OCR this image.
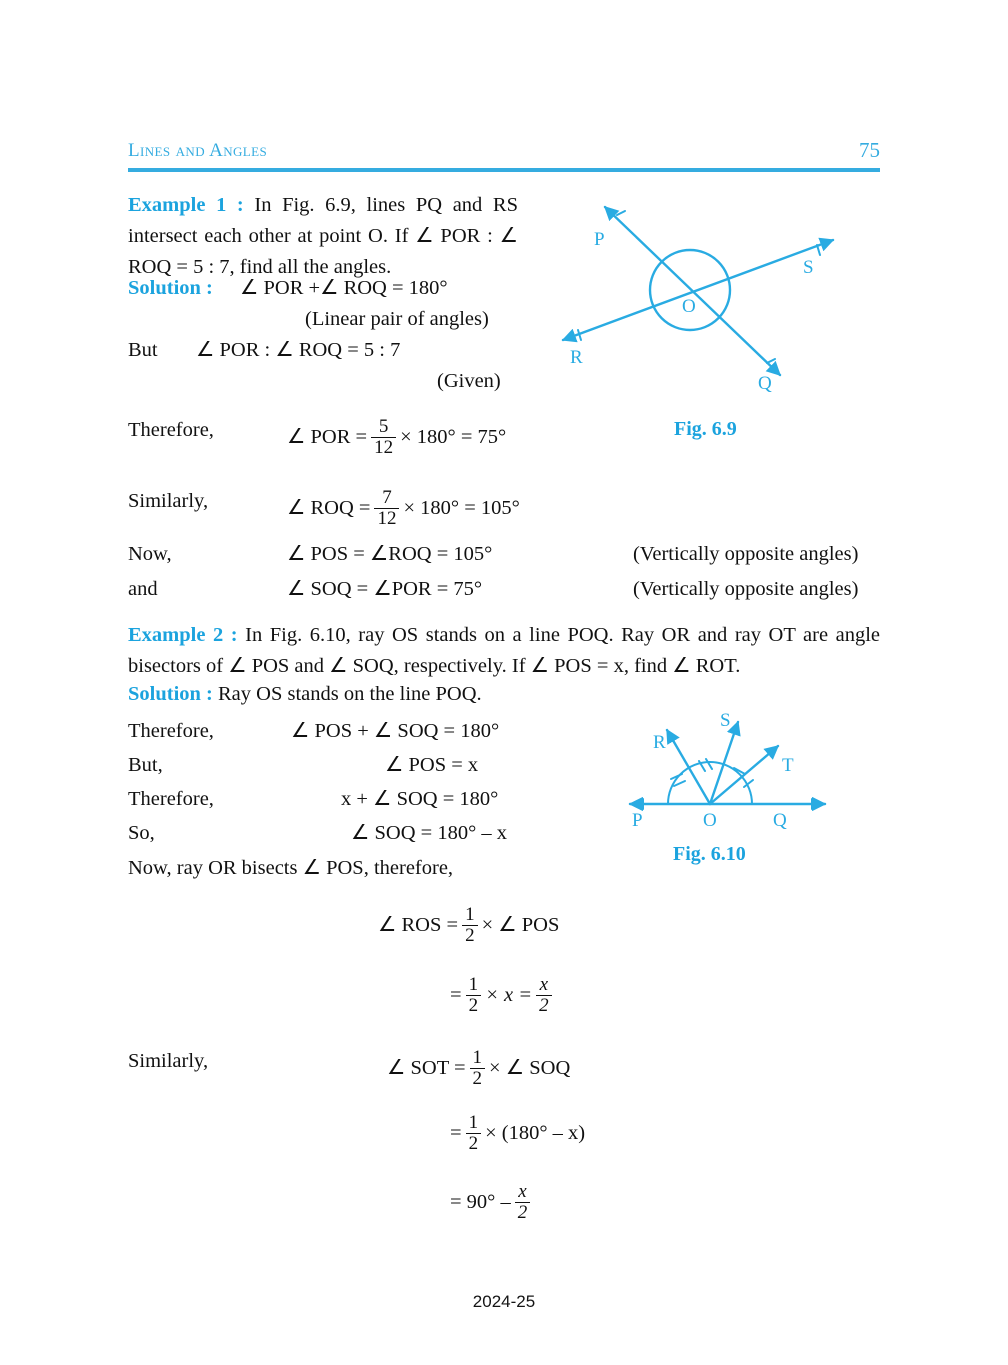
Lines and Angles	75
Example 1 : In Fig. 6.9, lines PQ and RS intersect each other at point O. If ∠ POR : ∠ ROQ = 5 : 7, find all the angles.
Solution : ∠ POR +∠ ROQ = 180°
(Linear pair of angles)
But ∠ POR : ∠ ROQ = 5 : 7
(Given)
Therefore,	∠ POR = $\frac{5}{12} \times 180^\circ = 75^\circ$
Similarly,	∠ ROQ = $\frac{7}{12} \times 180^\circ = 105^\circ$
Now,	∠ POS = ∠ROQ = 105°	(Vertically opposite angles)
and	∠ SOQ = ∠POR = 75°	(Vertically opposite angles)
P
Q
R
S
O
Fig. 6.9
Example 2 : In Fig. 6.10, ray OS stands on a line POQ. Ray OR and ray OT are angle bisectors of ∠ POS and ∠ SOQ, respectively. If ∠ POS = x, find ∠ ROT.
Solution : Ray OS stands on the line POQ.
Therefore,	∠ POS + ∠ SOQ = 180°
But,	∠ POS = x
Therefore,	x + ∠ SOQ = 180°
So,	∠ SOQ = 180° – x
Now, ray OR bisects ∠ POS, therefore,
∠ ROS = $\frac{1}{2}$ × ∠ POS
= $\frac{1}{2} \times x = \frac{x}{2}$
Similarly,	∠ SOT = $\frac{1}{2}$ × ∠ SOQ
= $\frac{1}{2} \times (180^\circ - x)$
= $90^\circ - \frac{x}{2}$
R
S
T
P	O	Q
Fig. 6.10
2024-25
